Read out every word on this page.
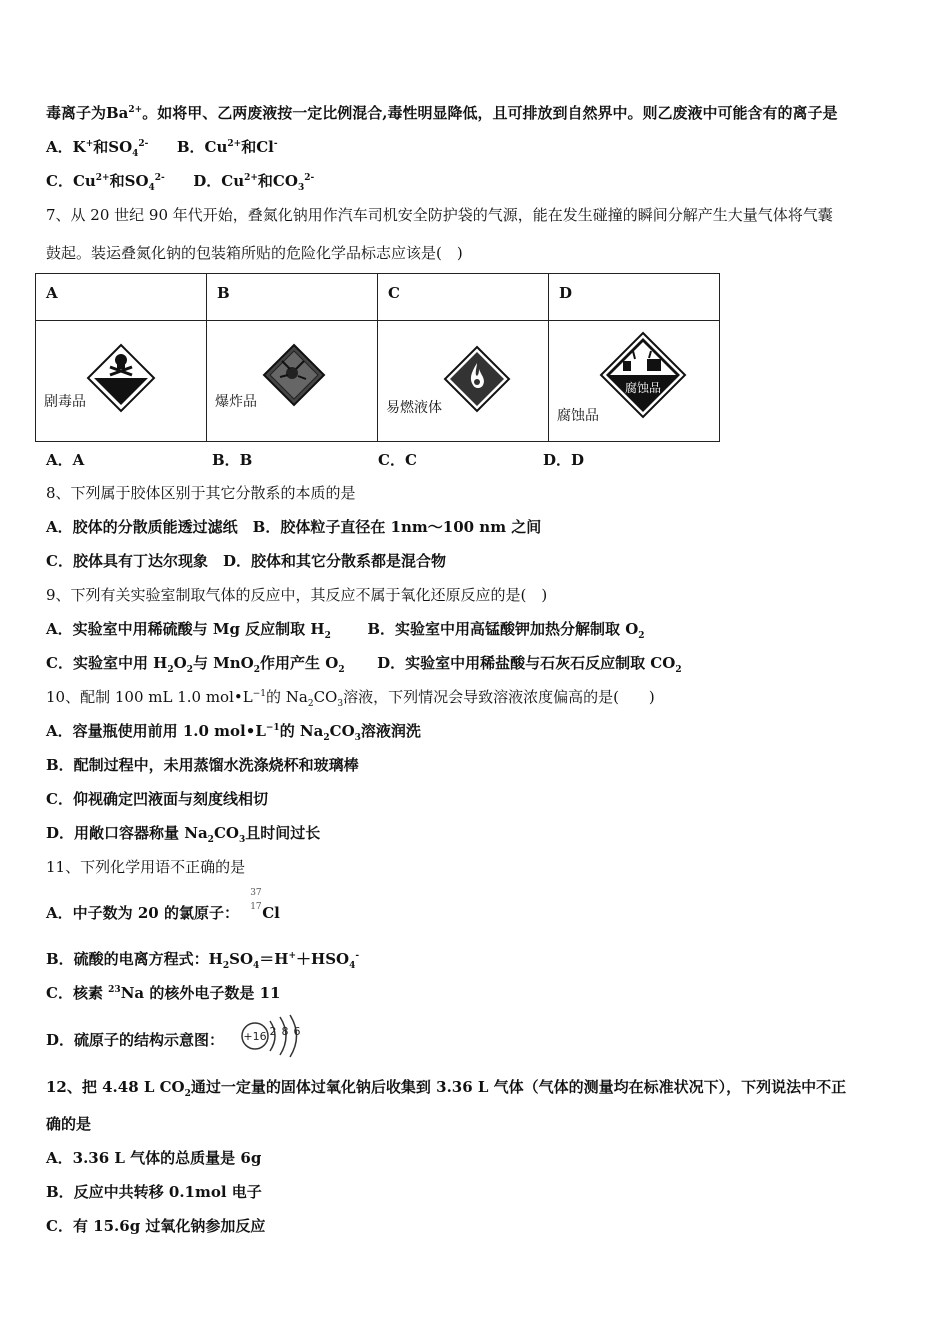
毒离子为$Ba^{2+}$。如将甲、乙两废液按一定比例混合,毒性明显降低，且可排放到自然界中。则乙废液中可能含有的离子是
A．K+和$SO_4^{2-}$ B．$Cu^{2+}$和Cl-
C．$Cu^{2+}$和$SO_4^{2-}$ D．$Cu^{2+}$和$CO_3^{2-}$
7、从 20 世纪 90 年代开始，叠氮化钠用作汽车司机安全防护袋的气源，能在发生碰撞的瞬间分解产生大量气体将气囊
鼓起。装运叠氮化钠的包装箱所贴的危险化学品标志应该是(　)
A	B	C	D

剧毒品	爆炸品	易燃液体	腐蚀品
腐蚀品
A．A	B．B	C．C	D．D
8、下列属于胶体区别于其它分散系的本质的是
A．胶体的分散质能透过滤纸　B．胶体粒子直径在 1nm～100 nm 之间
C．胶体具有丁达尔现象　D．胶体和其它分散系都是混合物
9、下列有关实验室制取气体的反应中，其反应不属于氧化还原反应的是(　)
A．实验室中用稀硫酸与 Mg 反应制取 $H_2$ B．实验室中用高锰酸钾加热分解制取 $O_2$
C．实验室中用 $H_2O_2$与 MnO$_2$作用产生 $O_2$ D．实验室中用稀盐酸与石灰石反应制取 $CO_2$
10、配制 100 mL 1.0 $mol•L^{-1}$的 $Na_2CO_3$溶液，下列情况会导致溶液浓度偏高的是(　　)
A．容量瓶使用前用 1.0 $mol•L^{-1}$的 $Na_2CO_3$溶液润洗
B．配制过程中，未用蒸馏水洗涤烧杯和玻璃棒
C．仰视确定凹液面与刻度线相切
D．用敞口容器称量 $Na_2CO_3$且时间过长
11、下列化学用语不正确的是
A．中子数为 20 的氯原子：
37
17 Cl
B．硫酸的电离方程式：$H_2SO_4=H^++HSO_4^-$
C．核素 $^{23}$Na 的核外电子数是 11
D．硫原子的结构示意图： +16 2 8 6
12、把 4.48 L $CO_2$通过一定量的固体过氧化钠后收集到 3.36 L 气体（气体的测量均在标准状况下），下列说法中不正
确的是
A．3.36 L 气体的总质量是 6g
B．反应中共转移 0.1mol 电子
C．有 15.6g 过氧化钠参加反应
